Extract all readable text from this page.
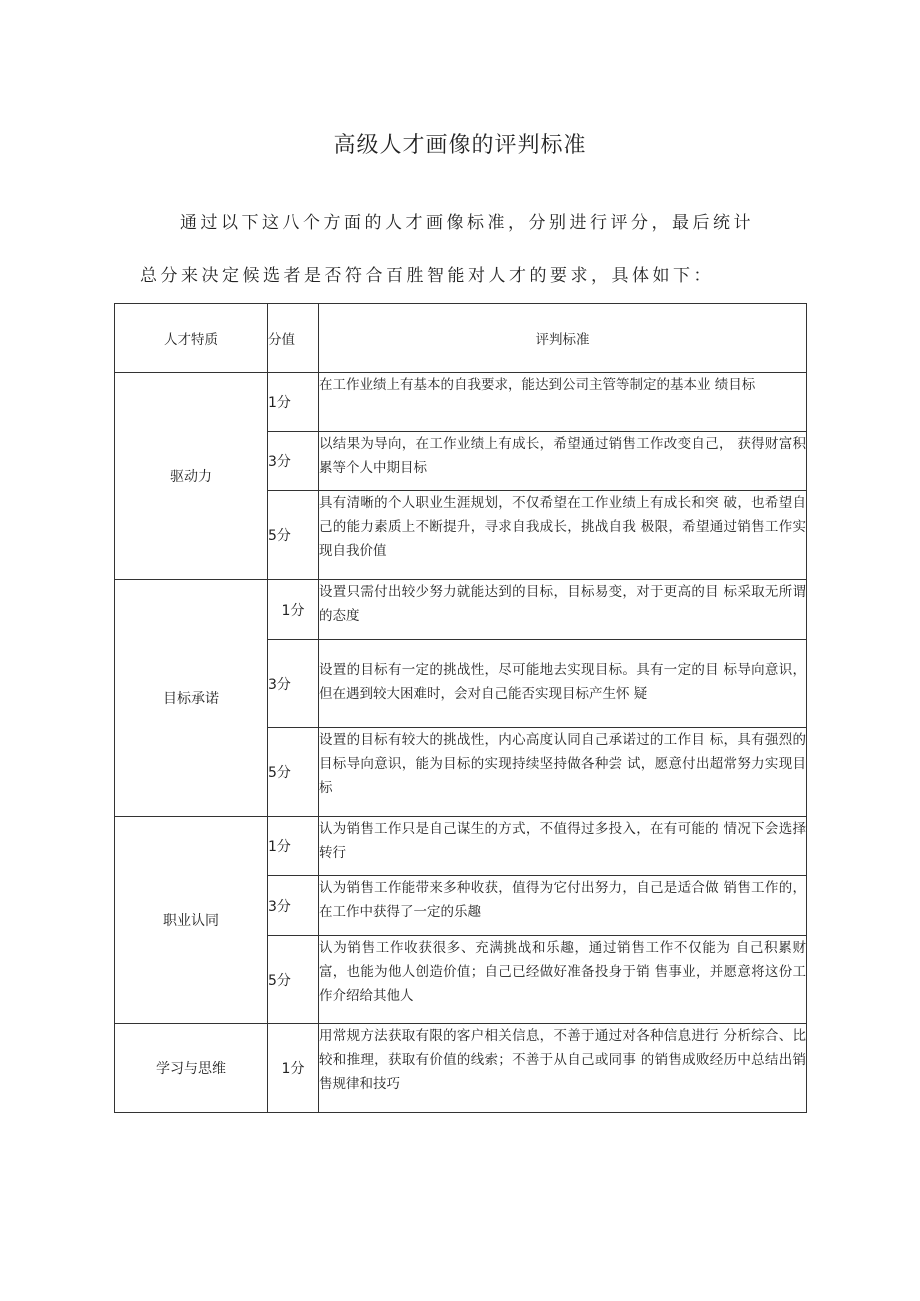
高级人才画像的评判标准
通过以下这八个方面的人才画像标准，分别进行评分，最后统计
总分来决定候选者是否符合百胜智能对人才的要求，具体如下：
人才特质	分值	评判标准
驱动力	1分	在工作业绩上有基本的自我要求，能达到公司主管等制定的基本业 绩目标
	3分	以结果为导向，在工作业绩上有成长，希望通过销售工作改变自己， 获得财富积累等个人中期目标
	5分	具有清晰的个人职业生涯规划，不仅希望在工作业绩上有成长和突 破，也希望自己的能力素质上不断提升，寻求自我成长，挑战自我 极限，希望通过销售工作实现自我价值
目标承诺	1分	设置只需付出较少努力就能达到的目标，目标易变，对于更高的目 标采取无所谓的态度
	3分	设置的目标有一定的挑战性，尽可能地去实现目标。具有一定的目 标导向意识，但在遇到较大困难时，会对自己能否实现目标产生怀 疑
	5分	设置的目标有较大的挑战性，内心高度认同自己承诺过的工作目 标，具有强烈的目标导向意识，能为目标的实现持续坚持做各种尝 试，愿意付出超常努力实现目标
职业认同	1分	认为销售工作只是自己谋生的方式，不值得过多投入，在有可能的 情况下会选择转行
	3分	认为销售工作能带来多种收获，值得为它付出努力，自己是适合做 销售工作的，在工作中获得了一定的乐趣
	5分	认为销售工作收获很多、充满挑战和乐趣，通过销售工作不仅能为 自己积累财富，也能为他人创造价值；自己已经做好准备投身于销 售事业，并愿意将这份工作介绍给其他人
学习与思维	1分	用常规方法获取有限的客户相关信息，不善于通过对各种信息进行 分析综合、比较和推理，获取有价值的线索；不善于从自己或同事 的销售成败经历中总结出销售规律和技巧
